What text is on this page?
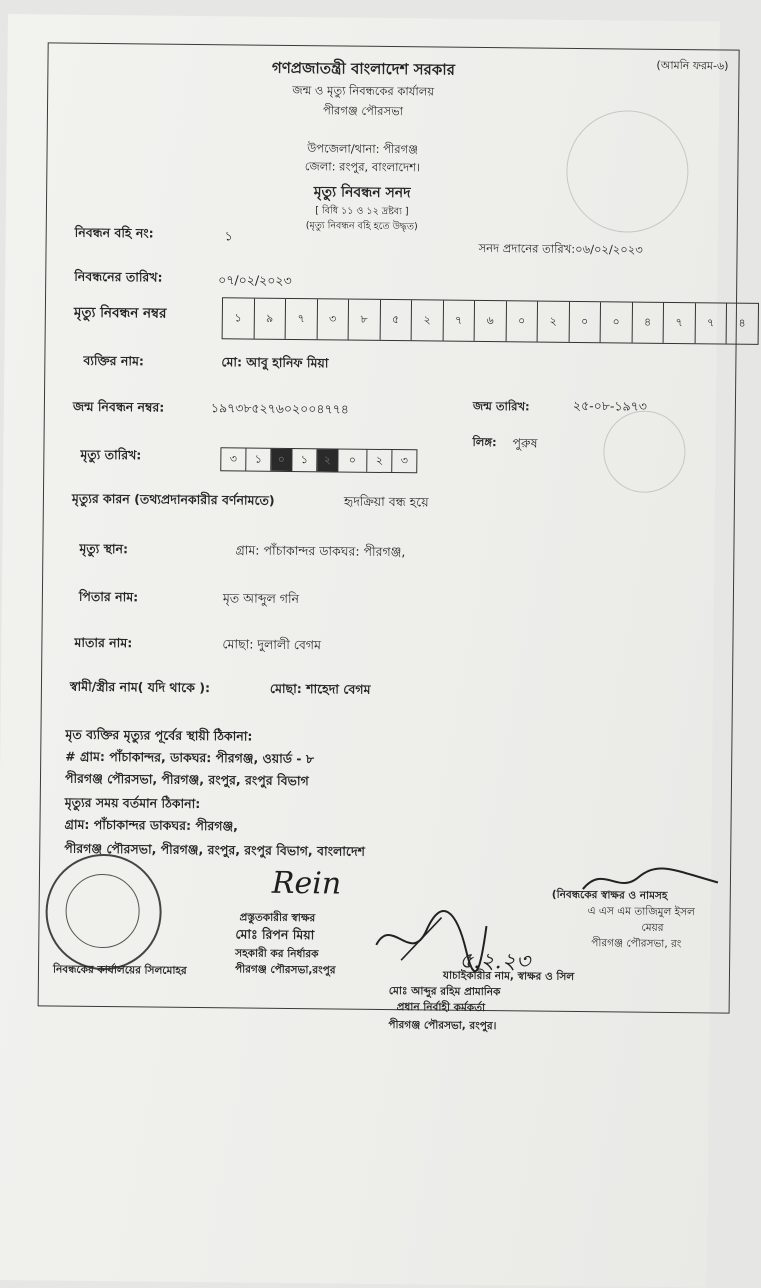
(আমনি ফরম-৬)
গণপ্রজাতন্ত্রী বাংলাদেশ সরকার
জন্ম ও মৃত্যু নিবন্ধকের কার্যালয়
পীরগঞ্জ পৌরসভা
উপজেলা/থানা: পীরগঞ্জ
জেলা: রংপুর, বাংলাদেশ।
মৃত্যু নিবন্ধন সনদ
[ বিধি ১১ ও ১২ দ্রষ্টব্য ]
(মৃত্যু নিবন্ধন বহি হতে উদ্ধৃত)
নিবন্ধন বহি নং:	১
সনদ প্রদানের তারিখ:০৬/০২/২০২৩
নিবন্ধনের তারিখ:	০৭/০২/২০২৩
মৃত্যু নিবন্ধন নম্বর	১	৯	৭	৩	৮	৫	২	৭	৬	০	২	০	০	৪	৭	৭	৪
ব্যক্তির নাম:	মো: আবু হানিফ মিয়া
জন্ম নিবন্ধন নম্বর:	১৯৭৩৮৫২৭৬০২০০৪৭৭৪	জন্ম তারিখ:	২৫-০৮-১৯৭৩
লিঙ্গ: পুরুষ
মৃত্যু তারিখ:	৩	১	০	১	২	০	২	৩
মৃত্যুর কারন (তথ্যপ্রদানকারীর বর্ণনামতে)	হৃদক্রিয়া বন্ধ হয়ে
মৃত্যু স্থান:	গ্রাম: পাঁচাকান্দর ডাকঘর: পীরগঞ্জ,
পিতার নাম:	মৃত আব্দুল গনি
মাতার নাম:	মোছা: দুলালী বেগম
স্বামী/স্ত্রীর নাম( যদি থাকে ):	মোছা: শাহেদা বেগম
মৃত ব্যক্তির মৃত্যুর পূর্বের স্থায়ী ঠিকানা:
# গ্রাম: পাঁচাকান্দর, ডাকঘর: পীরগঞ্জ, ওয়ার্ড - ৮
পীরগঞ্জ পৌরসভা, পীরগঞ্জ, রংপুর, রংপুর বিভাগ
মৃত্যুর সময় বর্তমান ঠিকানা:
গ্রাম: পাঁচাকান্দর ডাকঘর: পীরগঞ্জ,
পীরগঞ্জ পৌরসভা, পীরগঞ্জ, রংপুর, রংপুর বিভাগ, বাংলাদেশ
Rein
প্রস্তুতকারীর স্বাক্ষর
মোঃ রিপন মিয়া
সহকারী কর নির্ধারক
পীরগঞ্জ পৌরসভা,রংপুর
নিবন্ধকের কার্যালয়ের সিলমোহর	৫.২.২৩
যাচাইকারীর নাম, স্বাক্ষর ও সিল
মোঃ আব্দুর রহিম প্রামানিক
প্রধান নির্বাহী কর্মকর্তা
পীরগঞ্জ পৌরসভা, রংপুর।
(নিবন্ধকের স্বাক্ষর ও নামসহ
এ এস এম তাজিমুল ইসল
মেয়র
পীরগঞ্জ পৌরসভা, রং
